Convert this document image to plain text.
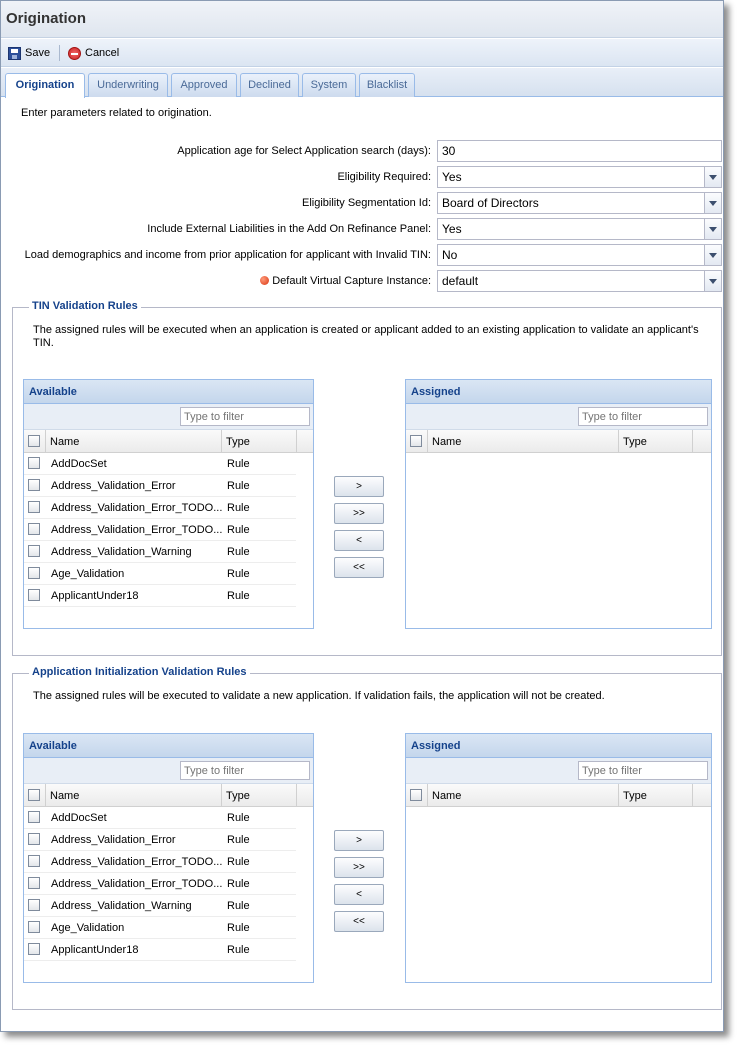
Origination
Save	Cancel
Origination	Underwriting	Approved	Declined	System	Blacklist
Enter parameters related to origination.
Application age for Select Application search (days): 30
Eligibility Required: Yes
Eligibility Segmentation Id: Board of Directors
Include External Liabilities in the Add On Refinance Panel: Yes
Load demographics and income from prior application for applicant with Invalid TIN: No
Default Virtual Capture Instance: default
TIN Validation Rules
The assigned rules will be executed when an application is created or applicant added to an existing application to validate an applicant's TIN.
Available
Type to filter
Name	Type
AddDocSet	Rule
Address_Validation_Error	Rule
Address_Validation_Error_TODO... Rule
Address_Validation_Error_TODO... Rule
Address_Validation_Warning	Rule
Age_Validation	Rule
ApplicantUnder18	Rule
>
>>
<
<<
Assigned
Type to filter
Name	Type
Application Initialization Validation Rules
The assigned rules will be executed to validate a new application. If validation fails, the application will not be created.
Available
Type to filter
Name	Type
AddDocSet	Rule
Address_Validation_Error	Rule
Address_Validation_Error_TODO... Rule
Address_Validation_Error_TODO... Rule
Address_Validation_Warning	Rule
Age_Validation	Rule
ApplicantUnder18	Rule
>
>>
<
<<
Assigned
Type to filter
Name	Type
